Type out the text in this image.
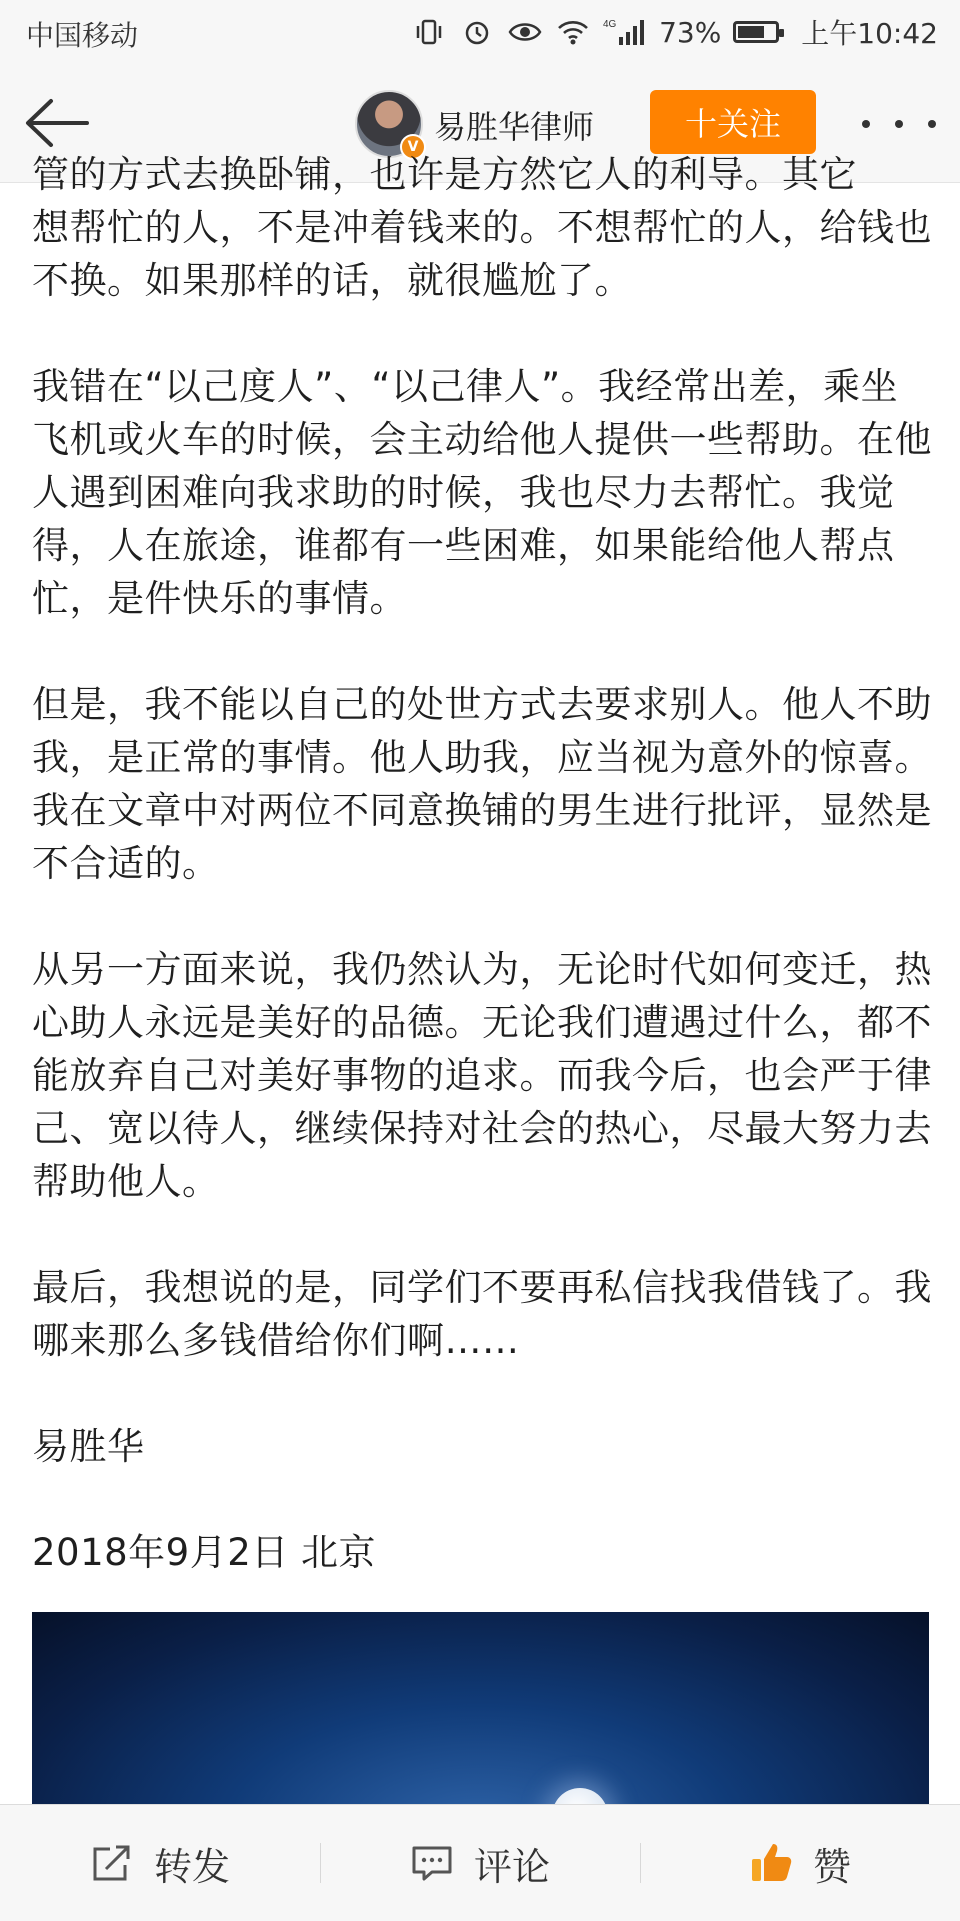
中国移动	4G 73%	上午10:42
V
易胜华律师	十关注

管的方式去换卧铺，也许是方然它人的利导。其它

想帮忙的人，不是冲着钱来的。不想帮忙的人，给钱也不换。如果那样的话，就很尴尬了。

我错在“以己度人”、“以己律人”。我经常出差，乘坐飞机或火车的时候，会主动给他人提供一些帮助。在他人遇到困难向我求助的时候，我也尽力去帮忙。我觉得，人在旅途，谁都有一些困难，如果能给他人帮点忙，是件快乐的事情。

但是，我不能以自己的处世方式去要求别人。他人不助我，是正常的事情。他人助我，应当视为意外的惊喜。我在文章中对两位不同意换铺的男生进行批评，显然是不合适的。

从另一方面来说，我仍然认为，无论时代如何变迁，热心助人永远是美好的品德。无论我们遭遇过什么，都不能放弃自己对美好事物的追求。而我今后，也会严于律己、宽以待人，继续保持对社会的热心，尽最大努力去帮助他人。

最后，我想说的是，同学们不要再私信找我借钱了。我哪来那么多钱借给你们啊……

易胜华

2018年9月2日 北京

转发	评论	赞
